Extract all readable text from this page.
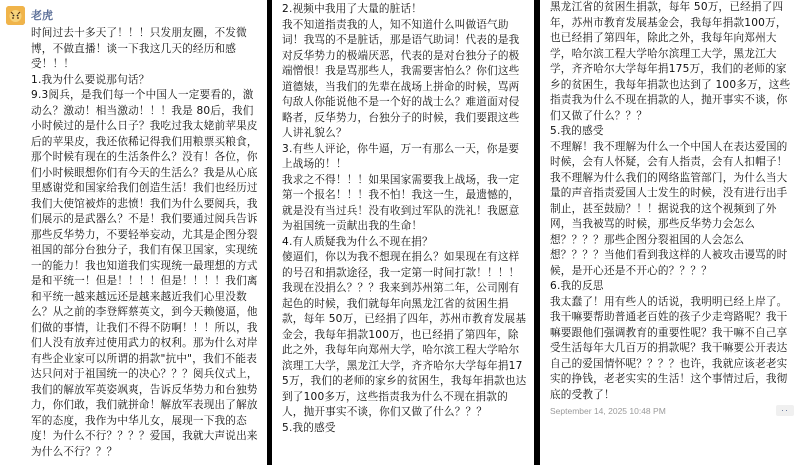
老虎

时间过去十多天了！！！只发朋友圈，不发微博，不做直播！谈一下我这几天的经历和感受！！！
1.我为什么要说那句话？
9.3阅兵，是我们每一个中国人一定要看的，激动么？激动！相当激动！！！我是 80后，我们小时候过的是什么日子？我吃过我太姥前苹果皮后的苹果皮，我还依稀记得我们用粮票买粮食，那个时候有现在的生活条件么？没有！各位，你们小时候眼想你们有今天的生活么？我是从心底里感谢党和国家给我们创造生活！我们也经历过我们大使馆被炸的悲愤！我们为什么要阅兵，我们展示的是武器么？不是！我们要通过阅兵告诉那些反华势力，不要轻举妄动，尤其是企图分裂祖国的部分台独分子，我们有保卫国家，实现统一的能力！我也知道我们实现统一最理想的方式是和平统一！但是！！！！但是！！！！我们离和平统一越来越远还是越来越近我们心里没数么？从之前的李登辉蔡英文，到今天赖傻逼，他们做的事情，让我们不得不防啊！！！所以，我们人没有放弃过使用武力的权利。那为什么对岸有些企业家可以所谓的捐款"抗中"，我们不能表达只问对于祖国统一的决心？？？阅兵仪式上，我们的解放军英姿飒爽，告诉反华势力和台独势力，你们敢，我们就拼命！解放军表现出了解放军的态度，我作为中华儿女，展现一下我的态度！为什么不行？？？？爱国，我就大声说出来为什么不行？？？

2.视频中我用了大量的脏话！
我不知道指责我的人，知不知道什么叫做语气助词！我骂的不是脏话，那是语气助词！代表的是我对反华势力的极端厌恶，代表的是对台独分子的极端憎恨！我是骂那些人，我需要害怕么？你们这些道德婊，当我们的先辈在战场上拼命的时候，骂两句敌人你能说他不是一个好的战士么？难道面对侵略者，反华势力，台独分子的时候，我们要跟这些人讲礼貌么？
3.有些人评论，你牛逼，万一有那么一天，你是要上战场的！！
我求之不得！！！如果国家需要我上战场，我一定第一个报名！！！我不怕！我这一生，最遗憾的，就是没有当过兵！没有收到过军队的洗礼！我愿意为祖国统一贡献出我的生命！
4.有人质疑我为什么不现在捐？
傻逼们，你以为我不想现在捐么？如果现在有这样的号召和捐款途径，我一定第一时间打款！！！！我现在没捐么？？？我来到苏州第二年，公司刚有起色的时候，我们就每年向黑龙江省的贫困生捐款，每年 50万，已经捐了四年，苏州市教育发展基金会，我每年捐款100万，也已经捐了第四年，除此之外，我每年向郑州大学，哈尔滨工程大学哈尔滨理工大学，黑龙江大学，齐齐哈尔大学每年捐175万，我们的老师的家乡的贫困生，我每年捐款也达到了100多万，这些指责我为什么不现在捐款的人，抛开事实不谈，你们又做了什么？？？
5.我的感受

黑龙江省的贫困生捐款，每年 50万，已经捐了四年，苏州市教育发展基金会，我每年捐款100万，也已经捐了第四年，除此之外，我每年向郑州大学，哈尔滨工程大学哈尔滨理工大学，黑龙江大学，齐齐哈尔大学每年捐175万，我们的老师的家乡的贫困生，我每年捐款也达到了 100多万，这些指责我为什么不现在捐款的人，抛开事实不谈，你们又做了什么？？？
5.我的感受
不理解！我不理解为什么一个中国人在表达爱国的时候，会有人怀疑，会有人指责，会有人扣帽子！我不理解为什么我们的网络监管部门，为什么当大量的声音指责爱国人士发生的时候，没有进行出手制止，甚至鼓励？！！据说我的这个视频到了外网，当我被骂的时候，那些反华势力会怎么想？？？？那些企图分裂祖国的人会怎么想？？？？当他们看到我这样的人被攻击谩骂的时候，是开心还是不开心的？？？？
6.我的反思
我太蠢了！用有些人的话说，我明明已经上岸了。我干嘛要帮助普通老百姓的孩子少走弯路呢？我干嘛要跟他们强调教育的重要性呢？我干嘛不自己享受生活每年大几百万的捐款呢？我干嘛要公开表达自己的爱国情怀呢？？？？也许，我就应该老老实实的挣钱，老老实实的生活！这个事情过后，我彻底的受教了！

September 14, 2025 10:48 PM	··
